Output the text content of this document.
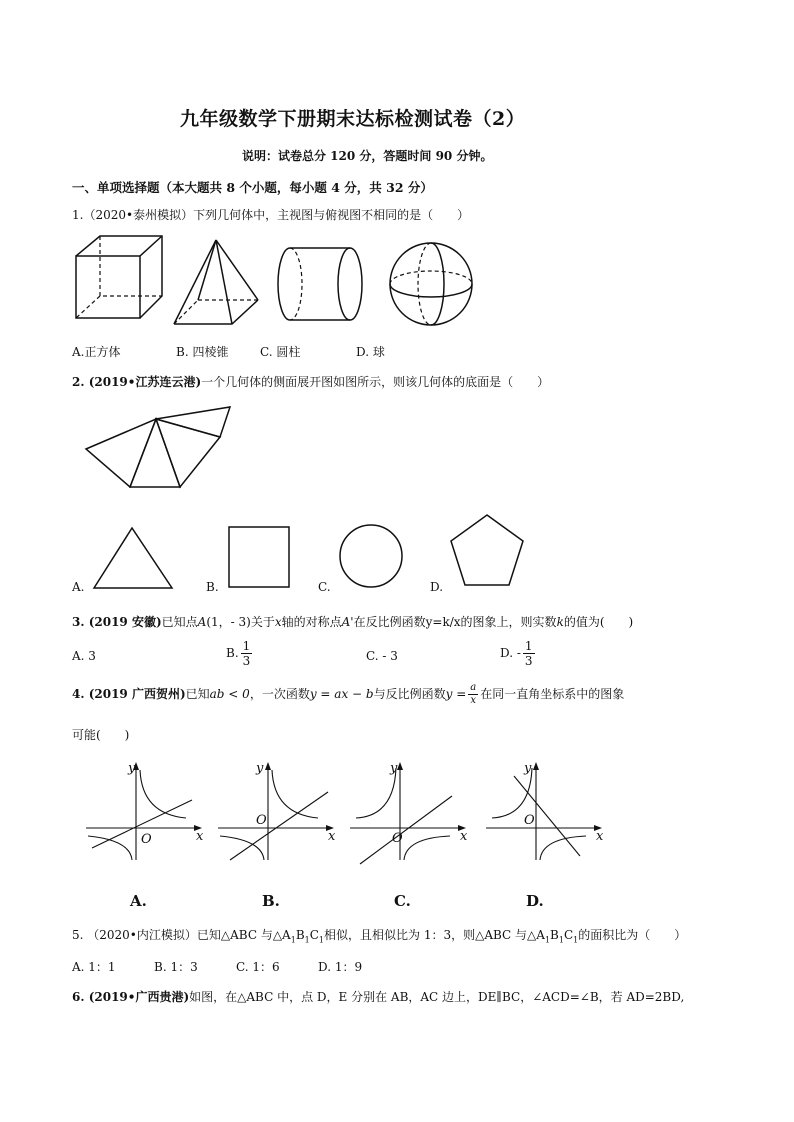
九年级数学下册期末达标检测试卷（2）
说明：试卷总分 120 分，答题时间 90 分钟。
一、单项选择题（本大题共 8 个小题，每小题 4 分，共 32 分）
1.（2020•泰州模拟）下列几何体中，主视图与俯视图不相同的是（　　）
A.正方体	B. 四棱锥	C. 圆柱	D. 球
2. (2019•江苏连云港)一个几何体的侧面展开图如图所示，则该几何体的底面是（　　）
A.	B.	C.	D.
3. (2019 安徽)已知点A(1，- 3)关于x轴的对称点A'在反比例函数y=k/x的图象上，则实数k的值为(　　)
A. 3	B. $\frac{1}{3}$	C. - 3	D. - $\frac{1}{3}$
4. (2019 广西贺州)已知ab < 0，一次函数y = ax − b与反比例函数$y = \frac{a}{x}$ 在同一直角坐标系中的图象
可能(　　)
y
x
O
A.
y
x
O
B.
y
x
O
C.
y
x
O
D.
5. （2020•内江模拟）已知△ABC 与$\triangle A_1B_1C_1$相似，且相似比为 1：3，则△ABC 与$\triangle A_1B_1C_1$的面积比为（　　）
A. 1：1	B. 1：3	C. 1：6	D. 1：9
6. (2019•广西贵港)如图，在△ABC 中，点 D，E 分别在 AB，AC 边上，DE∥BC，∠ACD=∠B，若 AD=2BD,
